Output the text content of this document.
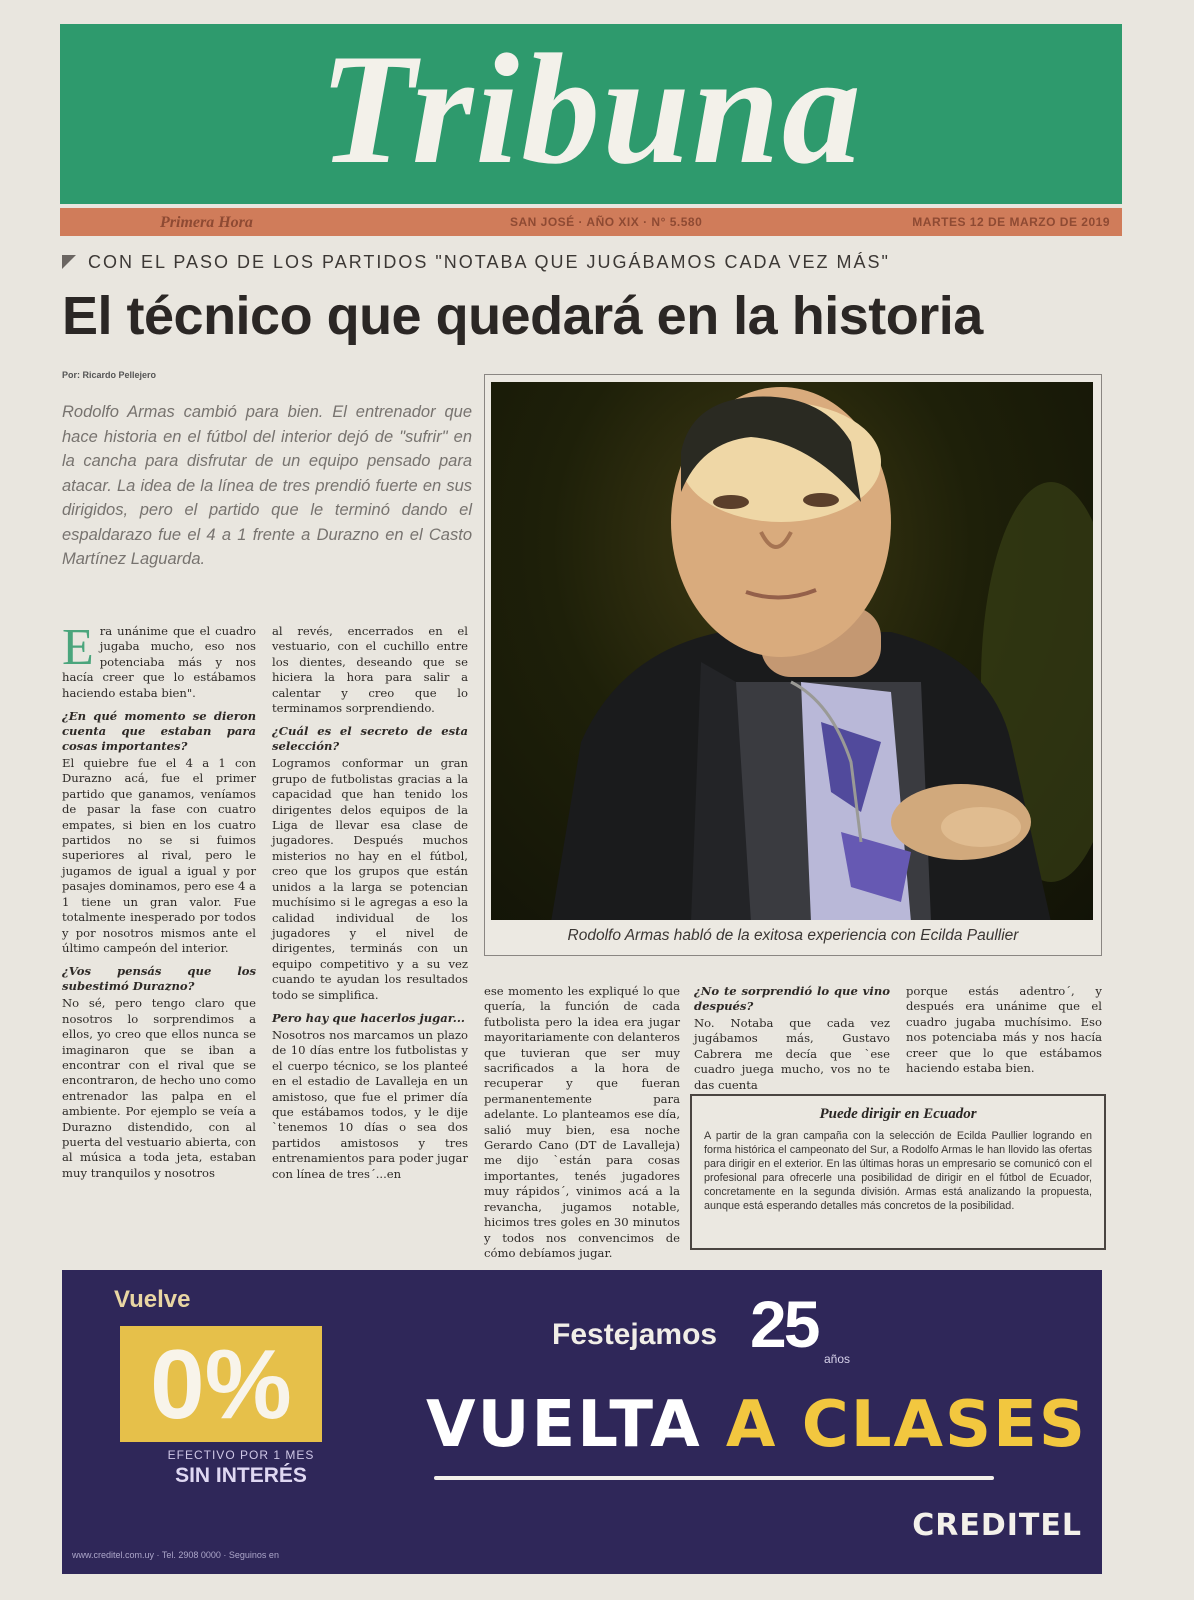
Tribuna
Primera Hora	SAN JOSÉ · AÑO XIX · N° 5.580	MARTES 12 DE MARZO DE 2019
CON EL PASO DE LOS PARTIDOS "NOTABA QUE JUGÁBAMOS CADA VEZ MÁS"
El técnico que quedará en la historia
Por: Ricardo Pellejero
Rodolfo Armas cambió para bien. El entrenador que hace historia en el fútbol del interior dejó de "sufrir" en la cancha para disfrutar de un equipo pensado para atacar. La idea de la línea de tres prendió fuerte en sus dirigidos, pero el partido que le terminó dando el espaldarazo fue el 4 a 1 frente a Durazno en el Casto Martínez Laguarda.

Era unánime que el cuadro jugaba mucho, eso nos potenciaba más y nos hacía creer que lo estábamos haciendo estaba bien".

¿En qué momento se dieron cuenta que estaban para cosas importantes?

El quiebre fue el 4 a 1 con Durazno acá, fue el primer partido que ganamos, veníamos de pasar la fase con cuatro empates, si bien en los cuatro partidos no se si fuimos superiores al rival, pero le jugamos de igual a igual y por pasajes dominamos, pero ese 4 a 1 tiene un gran valor. Fue totalmente inesperado por todos y por nosotros mismos ante el último campeón del interior.

¿Vos pensás que los subestimó Durazno?

No sé, pero tengo claro que nosotros lo sorprendimos a ellos, yo creo que ellos nunca se imaginaron que se iban a encontrar con el rival que se encontraron, de hecho uno como entrenador las palpa en el ambiente. Por ejemplo se veía a Durazno distendido, con al puerta del vestuario abierta, con al música a toda jeta, estaban muy tranquilos y nosotros

al revés, encerrados en el vestuario, con el cuchillo entre los dientes, deseando que se hiciera la hora para salir a calentar y creo que lo terminamos sorprendiendo.

¿Cuál es el secreto de esta selección?

Logramos conformar un gran grupo de futbolistas gracias a la capacidad que han tenido los dirigentes delos equipos de la Liga de llevar esa clase de jugadores. Después muchos misterios no hay en el fútbol, creo que los grupos que están unidos a la larga se potencian muchísimo si le agregas a eso la calidad individual de los jugadores y el nivel de dirigentes, terminás con un equipo competitivo y a su vez cuando te ayudan los resultados todo se simplifica.

Pero hay que hacerlos jugar...

Nosotros nos marcamos un plazo de 10 días entre los futbolistas y el cuerpo técnico, se los planteé en el estadio de Lavalleja en un amistoso, que fue el primer día que estábamos todos, y le dije `tenemos 10 días o sea dos partidos amistosos y tres entrenamientos para poder jugar con línea de tres´...en

Rodolfo Armas habló de la exitosa experiencia con Ecilda Paullier

ese momento les expliqué lo que quería, la función de cada futbolista pero la idea era jugar mayoritariamente con delanteros que tuvieran que ser muy sacrificados a la hora de recuperar y que fueran permanentemente para adelante. Lo planteamos ese día, salió muy bien, esa noche Gerardo Cano (DT de Lavalleja) me dijo `están para cosas importantes, tenés jugadores muy rápidos´, vinimos acá a la revancha, jugamos notable, hicimos tres goles en 30 minutos y todos nos convencimos de cómo debíamos jugar.

¿No te sorprendió lo que vino después?

No. Notaba que cada vez jugábamos más, Gustavo Cabrera me decía que `ese cuadro juega mucho, vos no te das cuenta

porque estás adentro´, y después era unánime que el cuadro jugaba muchísimo. Eso nos potenciaba más y nos hacía creer que lo que estábamos haciendo estaba bien.

Puede dirigir en Ecuador
A partir de la gran campaña con la selección de Ecilda Paullier logrando en forma histórica el campeonato del Sur, a Rodolfo Armas le han llovido las ofertas para dirigir en el exterior. En las últimas horas un empresario se comunicó con el profesional para ofrecerle una posibilidad de dirigir en el fútbol de Ecuador, concretamente en la segunda división. Armas está analizando la propuesta, aunque está esperando detalles más concretos de la posibilidad.
Vuelve
0%
EFECTIVO POR 1 MES
SIN INTERÉS
Festejamos 25 años
VUELTA A CLASES
CREDITEL
www.creditel.com.uy · Tel. 2908 0000 · Seguinos en
